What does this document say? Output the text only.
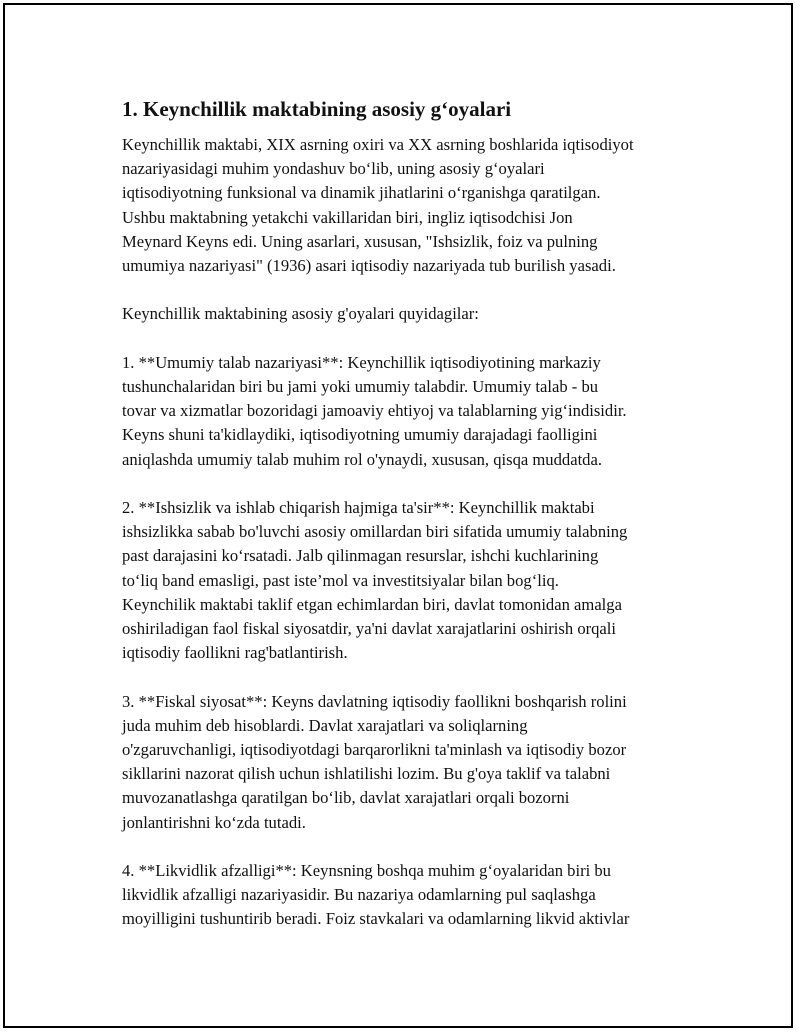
1. Keynchillik maktabining asosiy g‘oyalari

Keynchillik maktabi, XIX asrning oxiri va XX asrning boshlarida iqtisodiyot
nazariyasidagi muhim yondashuv bo‘lib, uning asosiy g‘oyalari
iqtisodiyotning funksional va dinamik jihatlarini o‘rganishga qaratilgan.
Ushbu maktabning yetakchi vakillaridan biri, ingliz iqtisodchisi Jon
Meynard Keyns edi. Uning asarlari, xususan, "Ishsizlik, foiz va pulning
umumiya nazariyasi" (1936) asari iqtisodiy nazariyada tub burilish yasadi.

Keynchillik maktabining asosiy g'oyalari quyidagilar:

1. **Umumiy talab nazariyasi**: Keynchillik iqtisodiyotining markaziy
tushunchalaridan biri bu jami yoki umumiy talabdir. Umumiy talab - bu
tovar va xizmatlar bozoridagi jamoaviy ehtiyoj va talablarning yig‘indisidir.
Keyns shuni ta'kidlaydiki, iqtisodiyotning umumiy darajadagi faolligini
aniqlashda umumiy talab muhim rol o'ynaydi, xususan, qisqa muddatda.

2. **Ishsizlik va ishlab chiqarish hajmiga ta'sir**: Keynchillik maktabi
ishsizlikka sabab bo'luvchi asosiy omillardan biri sifatida umumiy talabning
past darajasini ko‘rsatadi. Jalb qilinmagan resurslar, ishchi kuchlarining
to‘liq band emasligi, past iste’mol va investitsiyalar bilan bog‘liq.
Keynchilik maktabi taklif etgan echimlardan biri, davlat tomonidan amalga
oshiriladigan faol fiskal siyosatdir, ya'ni davlat xarajatlarini oshirish orqali
iqtisodiy faollikni rag'batlantirish.

3. **Fiskal siyosat**: Keyns davlatning iqtisodiy faollikni boshqarish rolini
juda muhim deb hisoblardi. Davlat xarajatlari va soliqlarning
o'zgaruvchanligi, iqtisodiyotdagi barqarorlikni ta'minlash va iqtisodiy bozor
sikllarini nazorat qilish uchun ishlatilishi lozim. Bu g'oya taklif va talabni
muvozanatlashga qaratilgan bo‘lib, davlat xarajatlari orqali bozorni
jonlantirishni ko‘zda tutadi.

4. **Likvidlik afzalligi**: Keynsning boshqa muhim g‘oyalaridan biri bu
likvidlik afzalligi nazariyasidir. Bu nazariya odamlarning pul saqlashga
moyilligini tushuntirib beradi. Foiz stavkalari va odamlarning likvid aktivlar
